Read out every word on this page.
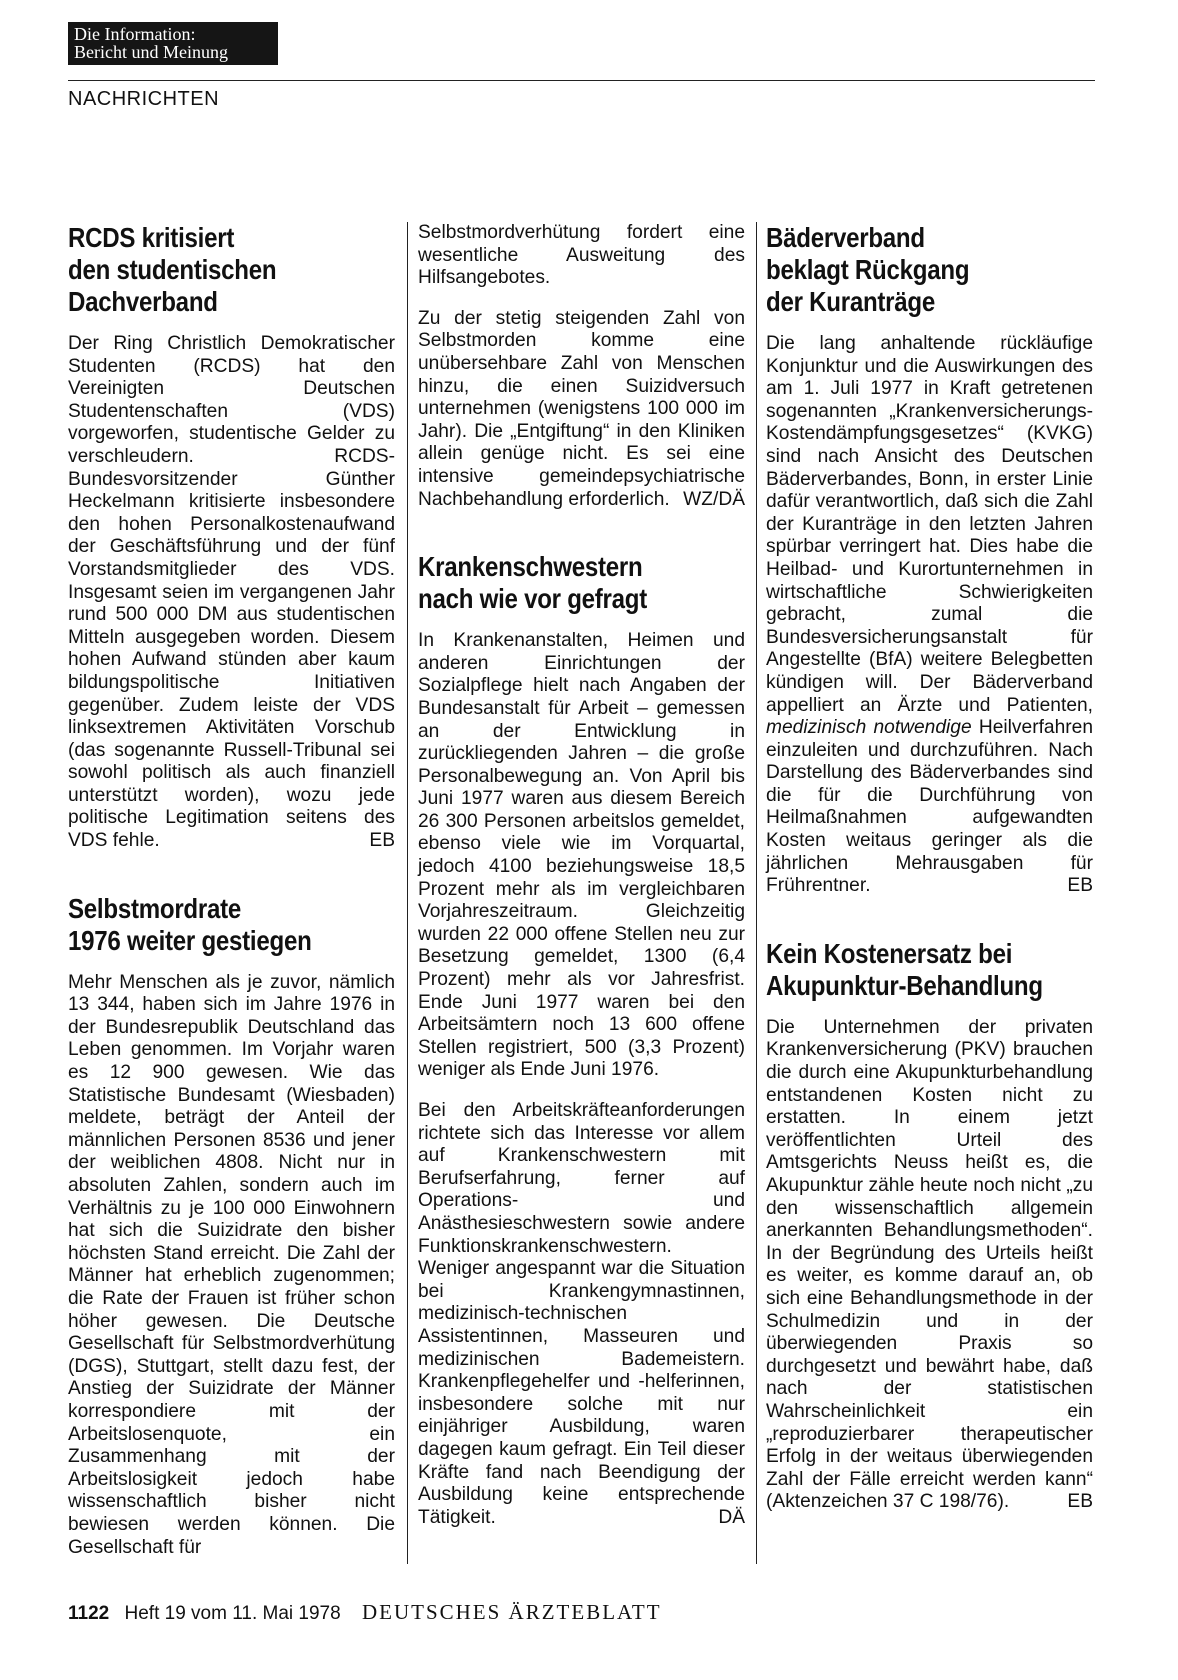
Die Information:
Bericht und Meinung
NACHRICHTEN
RCDS kritisiert
den studentischen
Dachverband

Der Ring Christlich Demokratischer Studenten (RCDS) hat den Vereinigten Deutschen Studentenschaften (VDS) vorgeworfen, studentische Gelder zu verschleudern. RCDS-Bundesvorsitzender Günther Heckelmann kritisierte insbesondere den hohen Personalkostenaufwand der Geschäftsführung und der fünf Vorstandsmitglieder des VDS. Insgesamt seien im vergangenen Jahr rund 500 000 DM aus studentischen Mitteln ausgegeben worden. Diesem hohen Aufwand stünden aber kaum bildungspolitische Initiativen gegenüber. Zudem leiste der VDS linksextremen Aktivitäten Vorschub (das sogenannte Russell-Tribunal sei sowohl politisch als auch finanziell unterstützt worden), wozu jede politische Legitimation seitens des VDS fehle.	EB

Selbstmordrate
1976 weiter gestiegen

Mehr Menschen als je zuvor, nämlich 13 344, haben sich im Jahre 1976 in der Bundesrepublik Deutschland das Leben genommen. Im Vorjahr waren es 12 900 gewesen. Wie das Statistische Bundesamt (Wiesbaden) meldete, beträgt der Anteil der männlichen Personen 8536 und jener der weiblichen 4808. Nicht nur in absoluten Zahlen, sondern auch im Verhältnis zu je 100 000 Einwohnern hat sich die Suizidrate den bisher höchsten Stand erreicht. Die Zahl der Männer hat erheblich zugenommen; die Rate der Frauen ist früher schon höher gewesen. Die Deutsche Gesellschaft für Selbstmordverhütung (DGS), Stuttgart, stellt dazu fest, der Anstieg der Suizidrate der Männer korrespondiere mit der Arbeitslosenquote, ein Zusammenhang mit der Arbeitslosigkeit jedoch habe wissenschaftlich bisher nicht bewiesen werden können. Die Gesellschaft für

Selbstmordverhütung fordert eine wesentliche Ausweitung des Hilfsangebotes.

Zu der stetig steigenden Zahl von Selbstmorden komme eine unübersehbare Zahl von Menschen hinzu, die einen Suizidversuch unternehmen (wenigstens 100 000 im Jahr). Die „Entgiftung“ in den Kliniken allein genüge nicht. Es sei eine intensive gemeindepsychiatrische Nachbehandlung erforderlich. WZ/DÄ

Krankenschwestern
nach wie vor gefragt

In Krankenanstalten, Heimen und anderen Einrichtungen der Sozialpflege hielt nach Angaben der Bundesanstalt für Arbeit – gemessen an der Entwicklung in zurückliegenden Jahren – die große Personalbewegung an. Von April bis Juni 1977 waren aus diesem Bereich 26 300 Personen arbeitslos gemeldet, ebenso viele wie im Vorquartal, jedoch 4100 beziehungsweise 18,5 Prozent mehr als im vergleichbaren Vorjahreszeitraum. Gleichzeitig wurden 22 000 offene Stellen neu zur Besetzung gemeldet, 1300 (6,4 Prozent) mehr als vor Jahresfrist. Ende Juni 1977 waren bei den Arbeitsämtern noch 13 600 offene Stellen registriert, 500 (3,3 Prozent) weniger als Ende Juni 1976.

Bei den Arbeitskräfteanforderungen richtete sich das Interesse vor allem auf Krankenschwestern mit Berufserfahrung, ferner auf Operations- und Anästhesieschwestern sowie andere Funktionskrankenschwestern. Weniger angespannt war die Situation bei Krankengymnastinnen, medizinisch-technischen Assistentinnen, Masseuren und medizinischen Bademeistern. Krankenpflegehelfer und -helferinnen, insbesondere solche mit nur einjähriger Ausbildung, waren dagegen kaum gefragt. Ein Teil dieser Kräfte fand nach Beendigung der Ausbildung keine entsprechende Tätigkeit.	DÄ

Bäderverband
beklagt Rückgang
der Kuranträge

Die lang anhaltende rückläufige Konjunktur und die Auswirkungen des am 1. Juli 1977 in Kraft getretenen sogenannten „Krankenversicherungs-Kostendämpfungsgesetzes“ (KVKG) sind nach Ansicht des Deutschen Bäderverbandes, Bonn, in erster Linie dafür verantwortlich, daß sich die Zahl der Kuranträge in den letzten Jahren spürbar verringert hat. Dies habe die Heilbad- und Kurortunternehmen in wirtschaftliche Schwierigkeiten gebracht, zumal die Bundesversicherungsanstalt für Angestellte (BfA) weitere Belegbetten kündigen will. Der Bäderverband appelliert an Ärzte und Patienten, medizinisch notwendige Heilverfahren einzuleiten und durchzuführen. Nach Darstellung des Bäderverbandes sind die für die Durchführung von Heilmaßnahmen aufgewandten Kosten weitaus geringer als die jährlichen Mehrausgaben für Frührentner.	EB

Kein Kostenersatz bei
Akupunktur-Behandlung

Die Unternehmen der privaten Krankenversicherung (PKV) brauchen die durch eine Akupunkturbehandlung entstandenen Kosten nicht zu erstatten. In einem jetzt veröffentlichten Urteil des Amtsgerichts Neuss heißt es, die Akupunktur zähle heute noch nicht „zu den wissenschaftlich allgemein anerkannten Behandlungsmethoden“. In der Begründung des Urteils heißt es weiter, es komme darauf an, ob sich eine Behandlungsmethode in der Schulmedizin und in der überwiegenden Praxis so durchgesetzt und bewährt habe, daß nach der statistischen Wahrscheinlichkeit ein „reproduzierbarer therapeutischer Erfolg in der weitaus überwiegenden Zahl der Fälle erreicht werden kann“ (Aktenzeichen 37 C 198/76).	EB

1122 Heft 19 vom 11. Mai 1978 DEUTSCHES ÄRZTEBLATT
